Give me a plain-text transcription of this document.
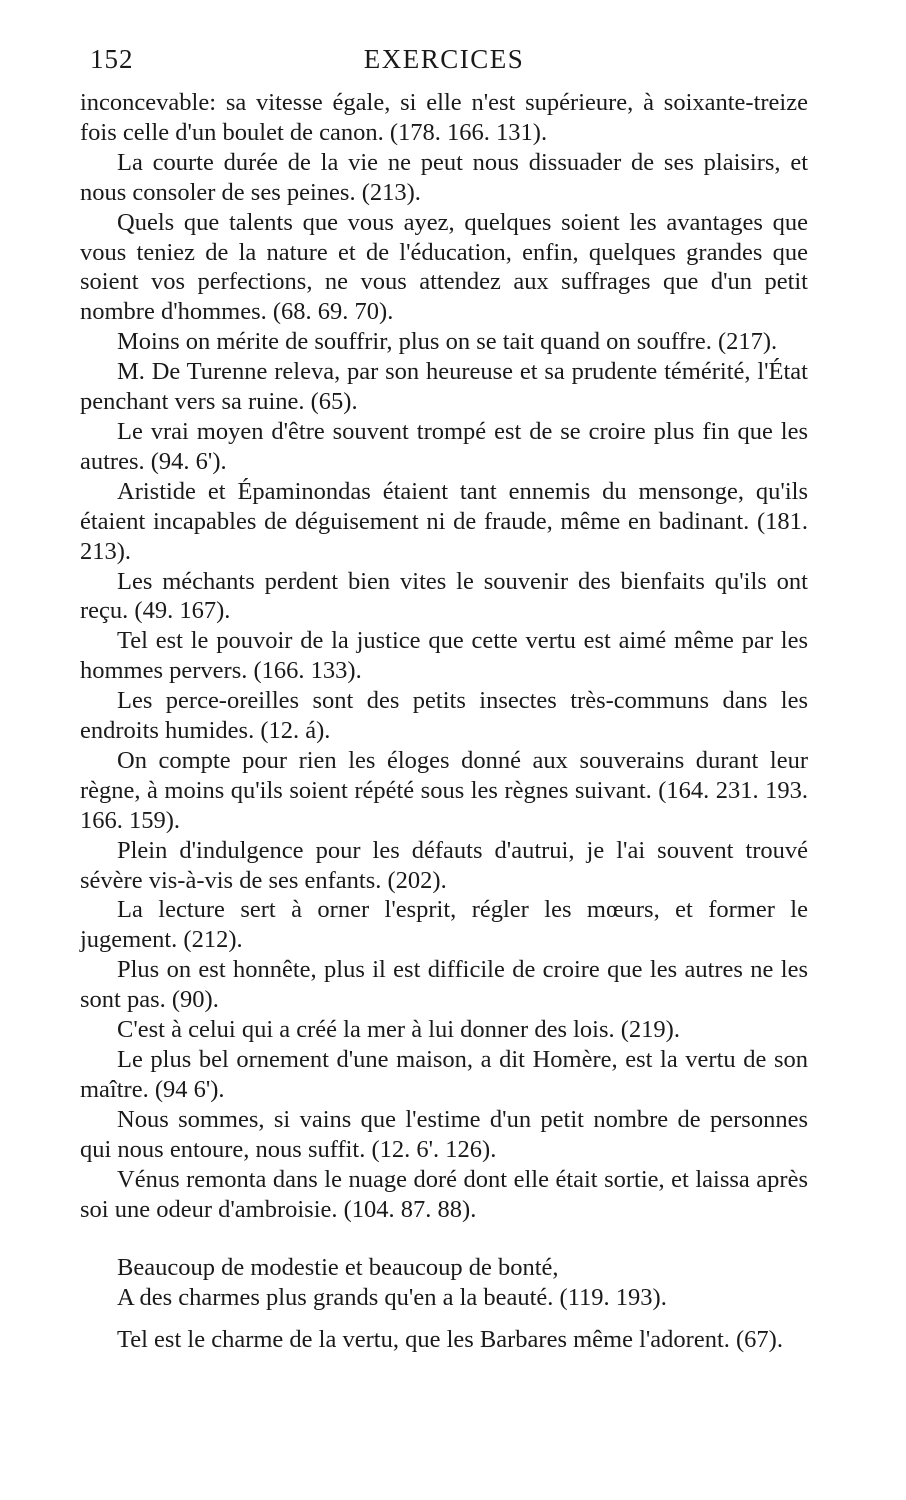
152	EXERCICES

inconcevable: sa vitesse égale, si elle n'est supérieure, à soixante-treize fois celle d'un boulet de canon. (178. 166. 131).

La courte durée de la vie ne peut nous dissuader de ses plaisirs, et nous consoler de ses peines. (213).

Quels que talents que vous ayez, quelques soient les avantages que vous teniez de la nature et de l'éducation, enfin, quelques grandes que soient vos perfections, ne vous attendez aux suffrages que d'un petit nombre d'hommes. (68. 69. 70).

Moins on mérite de souffrir, plus on se tait quand on souffre. (217).

M. De Turenne releva, par son heureuse et sa prudente témérité, l'État penchant vers sa ruine. (65).

Le vrai moyen d'être souvent trompé est de se croire plus fin que les autres. (94. 6').

Aristide et Épaminondas étaient tant ennemis du mensonge, qu'ils étaient incapables de déguisement ni de fraude, même en badinant. (181. 213).

Les méchants perdent bien vites le souvenir des bienfaits qu'ils ont reçu. (49. 167).

Tel est le pouvoir de la justice que cette vertu est aimé même par les hommes pervers. (166. 133).

Les perce-oreilles sont des petits insectes très-communs dans les endroits humides. (12. á).

On compte pour rien les éloges donné aux souverains durant leur règne, à moins qu'ils soient répété sous les règnes suivant. (164. 231. 193. 166. 159).

Plein d'indulgence pour les défauts d'autrui, je l'ai souvent trouvé sévère vis-à-vis de ses enfants. (202).

La lecture sert à orner l'esprit, régler les mœurs, et former le jugement. (212).

Plus on est honnête, plus il est difficile de croire que les autres ne les sont pas. (90).

C'est à celui qui a créé la mer à lui donner des lois. (219).

Le plus bel ornement d'une maison, a dit Homère, est la vertu de son maître. (94 6').

Nous sommes, si vains que l'estime d'un petit nombre de personnes qui nous entoure, nous suffit. (12. 6'. 126).

Vénus remonta dans le nuage doré dont elle était sortie, et laissa après soi une odeur d'ambroisie. (104. 87. 88).

Beaucoup de modestie et beaucoup de bonté,

A des charmes plus grands qu'en a la beauté. (119. 193).

Tel est le charme de la vertu, que les Barbares même l'adorent. (67).
